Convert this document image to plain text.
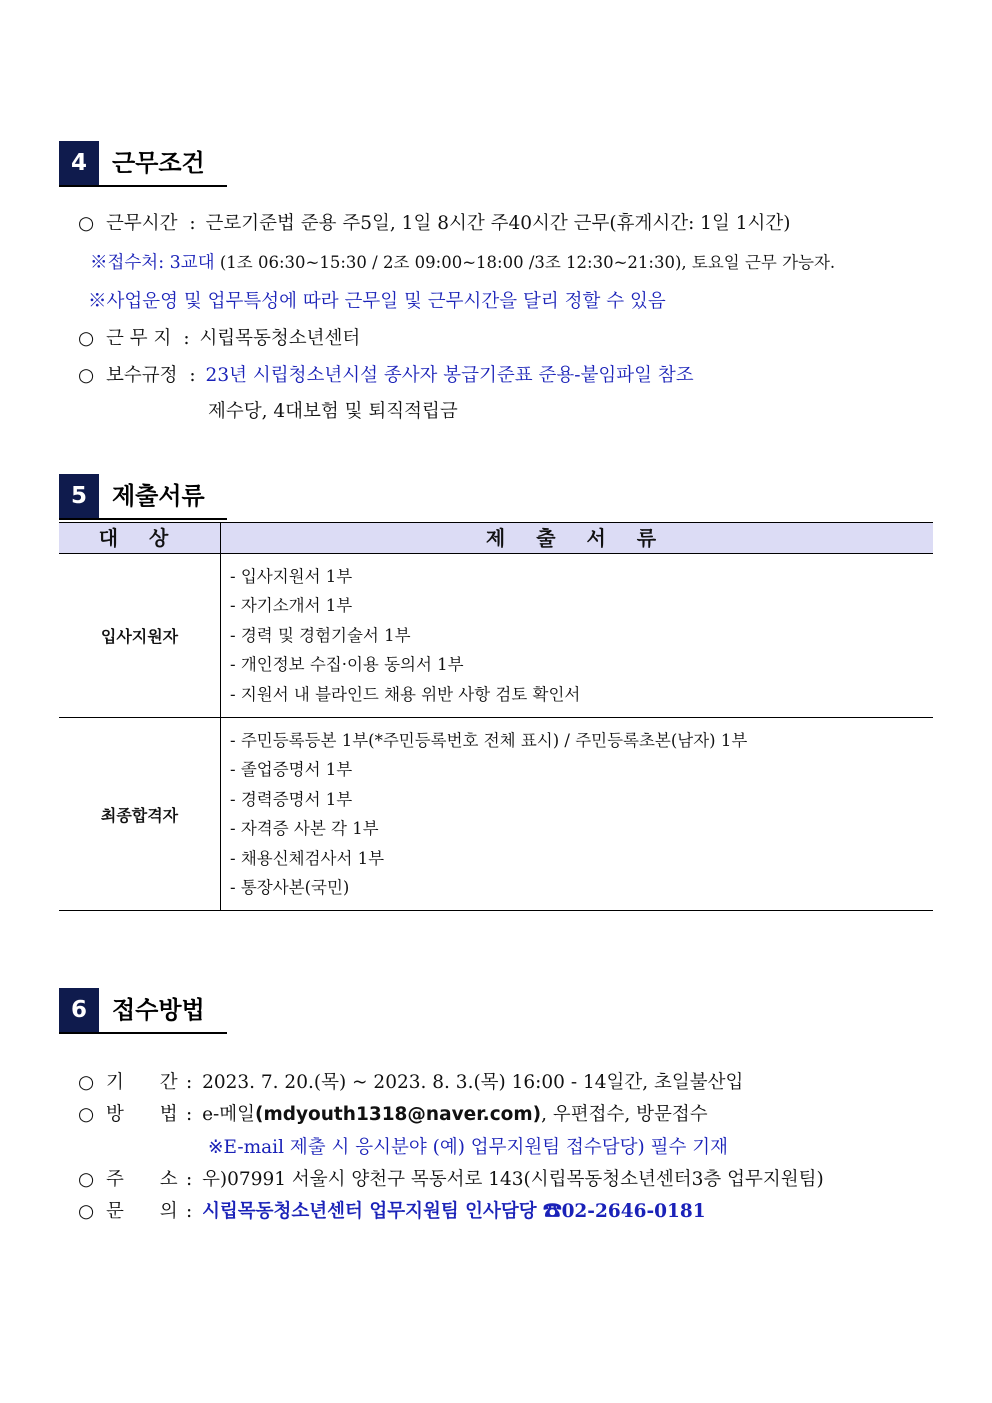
4	근무조건
○ 근무시간 : 근로기준법 준용 주5일, 1일 8시간 주40시간 근무(휴게시간: 1일 1시간)
※접수처: 3교대 (1조 06:30~15:30 / 2조 09:00~18:00 /3조 12:30~21:30), 토요일 근무 가능자.
※사업운영 및 업무특성에 따라 근무일 및 근무시간을 달리 정할 수 있음
○ 근 무 지 : 시립목동청소년센터
○ 보수규정 : 23년 시립청소년시설 종사자 봉급기준표 준용-붙임파일 참조
제수당, 4대보험 및 퇴직적립금
5	제출서류
대 상	제 출 서 류
입사지원자
- 입사지원서 1부
- 자기소개서 1부
- 경력 및 경험기술서 1부
- 개인정보 수집·이용 동의서 1부
- 지원서 내 블라인드 채용 위반 사항 검토 확인서
최종합격자
- 주민등록등본 1부(*주민등록번호 전체 표시) / 주민등록초본(남자) 1부
- 졸업증명서 1부
- 경력증명서 1부
- 자격증 사본 각 1부
- 채용신체검사서 1부
- 통장사본(국민)
6	접수방법
○ 기 간 : 2023. 7. 20.(목) ~ 2023. 8. 3.(목) 16:00 - 14일간, 초일불산입
○ 방 법 : e-메일(mdyouth1318@naver.com), 우편접수, 방문접수
※E-mail 제출 시 응시분야 (예) 업무지원팀 접수담당) 필수 기재
○ 주 소 : 우)07991 서울시 양천구 목동서로 143(시립목동청소년센터3층 업무지원팀)
○ 문 의 : 시립목동청소년센터 업무지원팀 인사담당 ☎02-2646-0181
